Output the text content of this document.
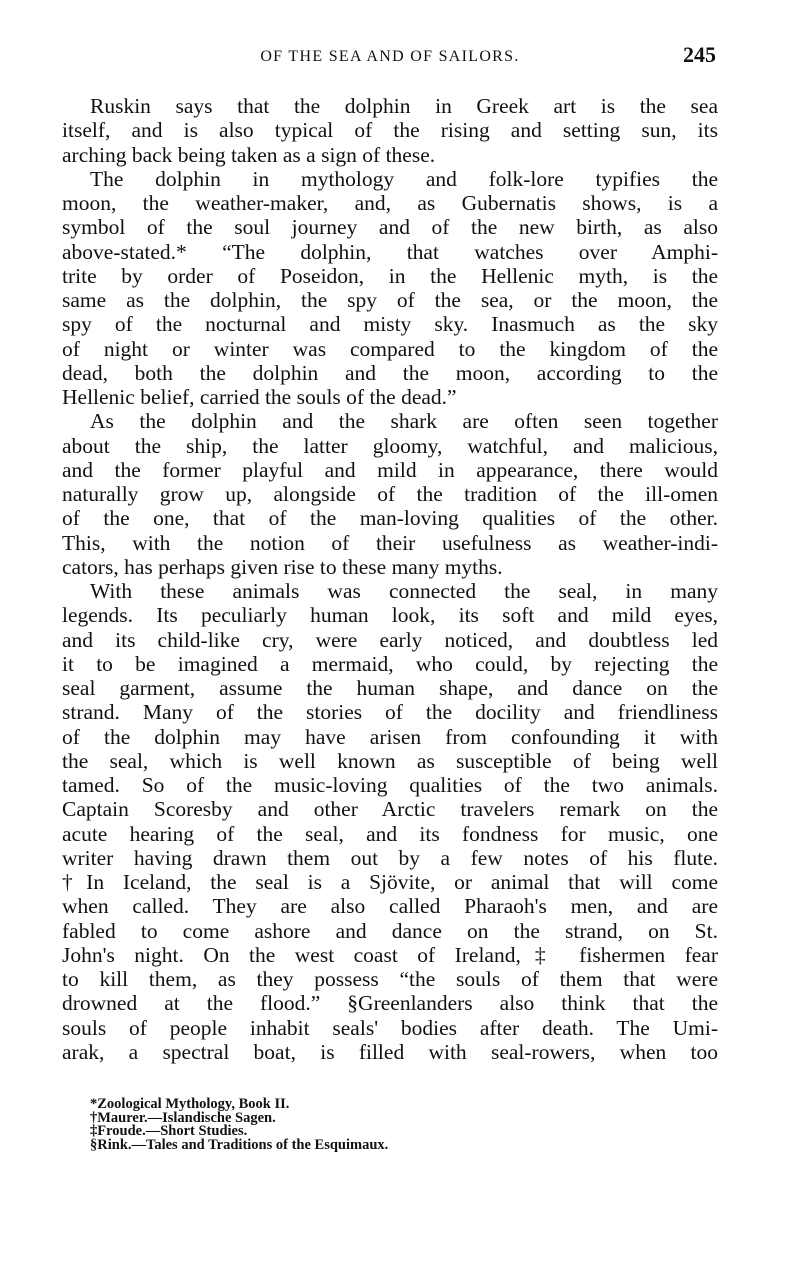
OF THE SEA AND OF SAILORS.	245
Ruskin says that the dolphin in Greek art is the sea
itself, and is also typical of the rising and setting sun, its
arching back being taken as a sign of these.
The dolphin in mythology and folk-lore typifies the
moon, the weather-maker, and, as Gubernatis shows, is a
symbol of the soul journey and of the new birth, as also
above-stated.* “The dolphin, that watches over Amphi-
trite by order of Poseidon, in the Hellenic myth, is the
same as the dolphin, the spy of the sea, or the moon, the
spy of the nocturnal and misty sky. Inasmuch as the sky
of night or winter was compared to the kingdom of the
dead, both the dolphin and the moon, according to the
Hellenic belief, carried the souls of the dead.”
As the dolphin and the shark are often seen together
about the ship, the latter gloomy, watchful, and malicious,
and the former playful and mild in appearance, there would
naturally grow up, alongside of the tradition of the ill-omen
of the one, that of the man-loving qualities of the other.
This, with the notion of their usefulness as weather-indi-
cators, has perhaps given rise to these many myths.
With these animals was connected the seal, in many
legends. Its peculiarly human look, its soft and mild eyes,
and its child-like cry, were early noticed, and doubtless led
it to be imagined a mermaid, who could, by rejecting the
seal garment, assume the human shape, and dance on the
strand. Many of the stories of the docility and friendliness
of the dolphin may have arisen from confounding it with
the seal, which is well known as susceptible of being well
tamed. So of the music-loving qualities of the two animals.
Captain Scoresby and other Arctic travelers remark on the
acute hearing of the seal, and its fondness for music, one
writer having drawn them out by a few notes of his flute.
†In Iceland, the seal is a Sjövite, or animal that will come
when called. They are also called Pharaoh's men, and are
fabled to come ashore and dance on the strand, on St.
John's night. On the west coast of Ireland,‡ fishermen fear
to kill them, as they possess “the souls of them that were
drowned at the flood.” §Greenlanders also think that the
souls of people inhabit seals' bodies after death. The Umi-
arak, a spectral boat, is filled with seal-rowers, when too
*Zoological Mythology, Book II.
†Maurer.—Islandische Sagen.
‡Froude.—Short Studies.
§Rink.—Tales and Traditions of the Esquimaux.
